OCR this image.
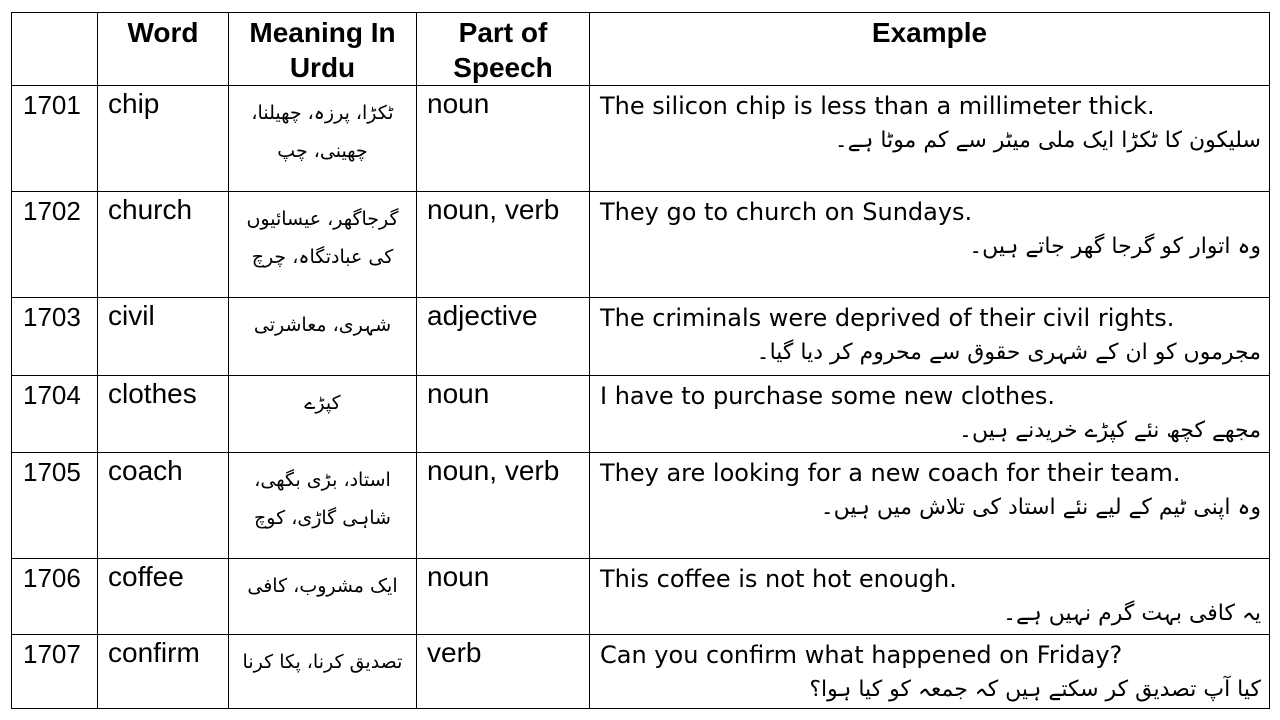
	Word	Meaning In Urdu	Part of Speech	Example
1701	chip	ٹکڑا، پرزہ، چھیلنا، چھینی، چپ	noun	The silicon chip is less than a millimeter thick.
سلیکون کا ٹکڑا ایک ملی میٹر سے کم موٹا ہے۔

1702	church	گرجاگھر، عیسائیوں کی عبادتگاہ، چرچ	noun, verb	They go to church on Sundays.
وہ اتوار کو گرجا گھر جاتے ہیں۔

1703	civil	شہری، معاشرتی	adjective	The criminals were deprived of their civil rights.
مجرموں کو ان کے شہری حقوق سے محروم کر دیا گیا۔

1704	clothes	کپڑے	noun	I have to purchase some new clothes.
مجھے کچھ نئے کپڑے خریدنے ہیں۔

1705	coach	استاد، بڑی بگھی، شاہی گاڑی، کوچ	noun, verb	They are looking for a new coach for their team.
وہ اپنی ٹیم کے لیے نئے استاد کی تلاش میں ہیں۔

1706	coffee	ایک مشروب، کافی	noun	This coffee is not hot enough.
یہ کافی بہت گرم نہیں ہے۔

1707	confirm	تصدیق کرنا، پکا کرنا	verb	Can you confirm what happened on Friday?
کیا آپ تصدیق کر سکتے ہیں کہ جمعہ کو کیا ہوا؟
